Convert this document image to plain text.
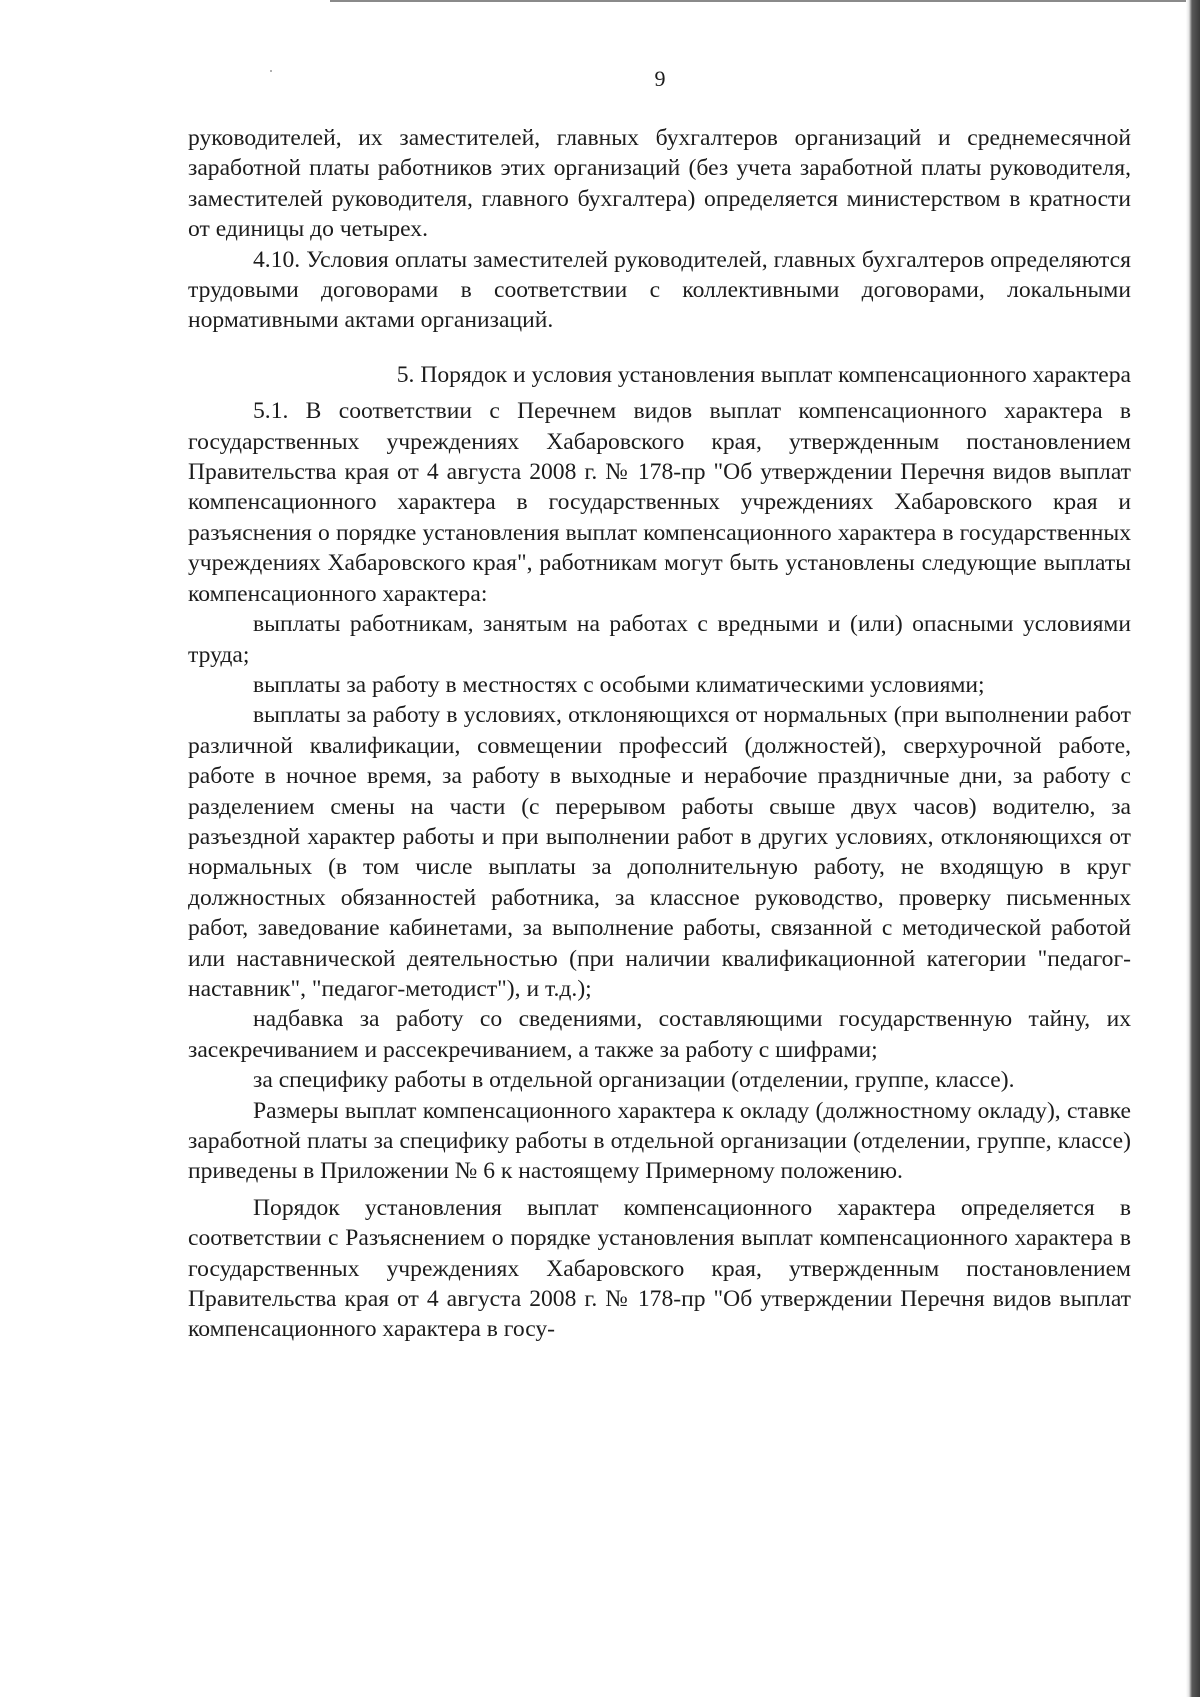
9

руководителей, их заместителей, главных бухгалтеров организаций и среднемесячной заработной платы работников этих организаций (без учета заработной платы руководителя, заместителей руководителя, главного бухгалтера) определяется министерством в кратности от единицы до четырех.

4.10. Условия оплаты заместителей руководителей, главных бухгалтеров определяются трудовыми договорами в соответствии с коллективными договорами, локальными нормативными актами организаций.

5. Порядок и условия установления выплат компенсационного характера

5.1. В соответствии с Перечнем видов выплат компенсационного характера в государственных учреждениях Хабаровского края, утвержденным постановлением Правительства края от 4 августа 2008 г. № 178-пр "Об утверждении Перечня видов выплат компенсационного характера в государственных учреждениях Хабаровского края и разъяснения о порядке установления выплат компенсационного характера в государственных учреждениях Хабаровского края", работникам могут быть установлены следующие выплаты компенсационного характера:

выплаты работникам, занятым на работах с вредными и (или) опасными условиями труда;

выплаты за работу в местностях с особыми климатическими условиями;

выплаты за работу в условиях, отклоняющихся от нормальных (при выполнении работ различной квалификации, совмещении профессий (должностей), сверхурочной работе, работе в ночное время, за работу в выходные и нерабочие праздничные дни, за работу с разделением смены на части (с перерывом работы свыше двух часов) водителю, за разъездной характер работы и при выполнении работ в других условиях, отклоняющихся от нормальных (в том числе выплаты за дополнительную работу, не входящую в круг должностных обязанностей работника, за классное руководство, проверку письменных работ, заведование кабинетами, за выполнение работы, связанной с методической работой или наставнической деятельностью (при наличии квалификационной категории "педагог-наставник", "педагог-методист"), и т.д.);

надбавка за работу со сведениями, составляющими государственную тайну, их засекречиванием и рассекречиванием, а также за работу с шифрами;

за специфику работы в отдельной организации (отделении, группе, классе).

Размеры выплат компенсационного характера к окладу (должностному окладу), ставке заработной платы за специфику работы в отдельной организации (отделении, группе, классе) приведены в Приложении № 6 к настоящему Примерному положению.

Порядок установления выплат компенсационного характера определяется в соответствии с Разъяснением о порядке установления выплат компенсационного характера в государственных учреждениях Хабаровского края, утвержденным постановлением Правительства края от 4 августа 2008 г. № 178-пр "Об утверждении Перечня видов выплат компенсационного характера в госу-
